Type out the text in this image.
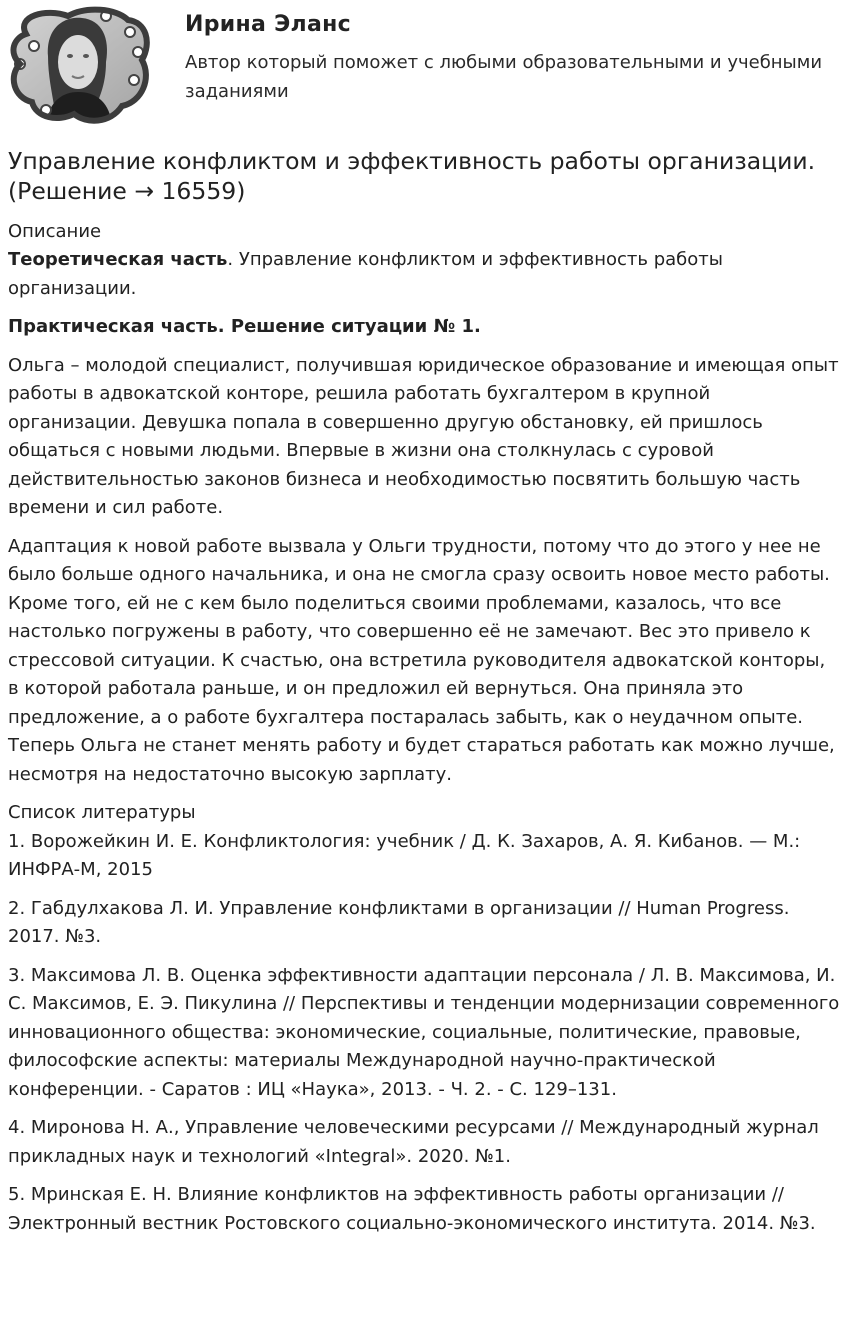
Ирина Эланс
Автор который поможет с любыми образовательными и учебными заданиями
Управление конфликтом и эффективность работы организации. (Решение → 16559)
Описание

Теоретическая часть. Управление конфликтом и эффективность работы организации.

Практическая часть. Решение ситуации № 1.

Ольга – молодой специалист, получившая юридическое образование и имеющая опыт работы в адвокатской конторе, решила работать бухгалтером в крупной организации. Девушка попала в совершенно другую обстановку, ей пришлось общаться с новыми людьми. Впервые в жизни она столкнулась с суровой действительностью законов бизнеса и необходимостью посвятить большую часть времени и сил работе.

Адаптация к новой работе вызвала у Ольги трудности, потому что до этого у нее не было больше одного начальника, и она не смогла сразу освоить новое место работы. Кроме того, ей не с кем было поделиться своими проблемами, казалось, что все настолько погружены в работу, что совершенно её не замечают. Вес это привело к стрессовой ситуации. К счастью, она встретила руководителя адвокатской конторы, в которой работала раньше, и он предложил ей вернуться. Она приняла это предложение, а о работе бухгалтера постаралась забыть, как о неудачном опыте. Теперь Ольга не станет менять работу и будет стараться работать как можно лучше, несмотря на недостаточно высокую зарплату.

Список литературы

1. Ворожейкин И. Е. Конфликтология: учебник / Д. К. Захаров, А. Я. Кибанов. — М.: ИНФРА-М, 2015

2. Габдулхакова Л. И. Управление конфликтами в организации // Human Progress. 2017. №3.

3. Максимова Л. В. Оценка эффективности адаптации персонала / Л. В. Максимова, И. С. Максимов, Е. Э. Пикулина // Перспективы и тенденции модернизации современного инновационного общества: экономические, социальные, политические, правовые, философские аспекты: материалы Международной научно-практической конференции. - Саратов : ИЦ «Наука», 2013. - Ч. 2. - С. 129–131.

4. Миронова Н. А., Управление человеческими ресурсами // Международный журнал прикладных наук и технологий «Integral». 2020. №1.

5. Мринская Е. Н. Влияние конфликтов на эффективность работы организации // Электронный вестник Ростовского социально-экономического института. 2014. №3.
